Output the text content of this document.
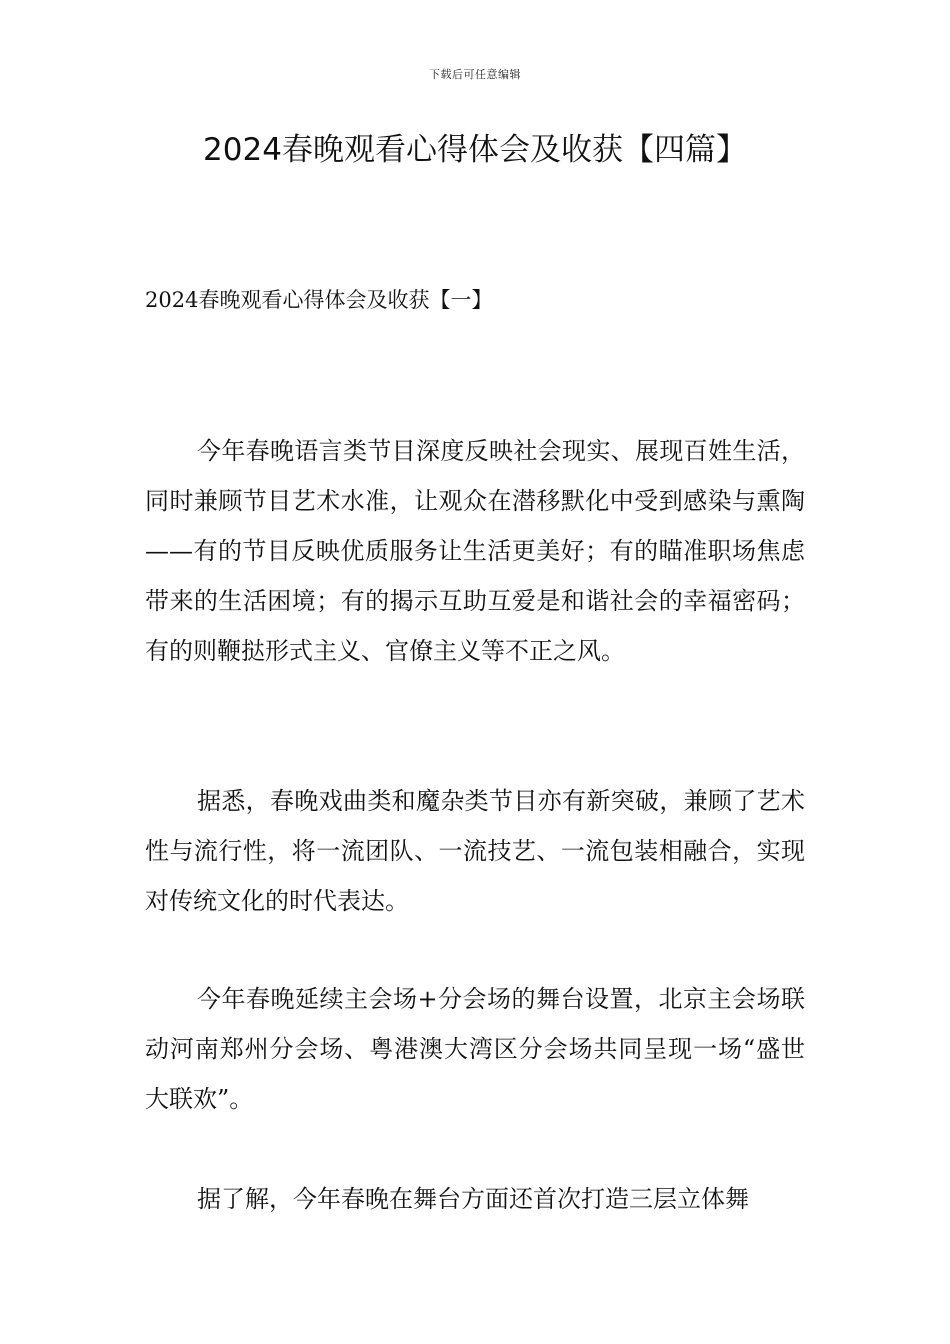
下载后可任意编辑
2024春晚观看心得体会及收获【四篇】
2024春晚观看心得体会及收获【一】

今年春晚语言类节目深度反映社会现实、展现百姓生活，同时兼顾节目艺术水准，让观众在潜移默化中受到感染与熏陶——有的节目反映优质服务让生活更美好；有的瞄准职场焦虑带来的生活困境；有的揭示互助互爱是和谐社会的幸福密码；有的则鞭挞形式主义、官僚主义等不正之风。

据悉，春晚戏曲类和魔杂类节目亦有新突破，兼顾了艺术性与流行性，将一流团队、一流技艺、一流包装相融合，实现对传统文化的时代表达。

今年春晚延续主会场+分会场的舞台设置，北京主会场联动河南郑州分会场、粤港澳大湾区分会场共同呈现一场“盛世大联欢”。

据了解，今年春晚在舞台方面还首次打造三层立体舞
